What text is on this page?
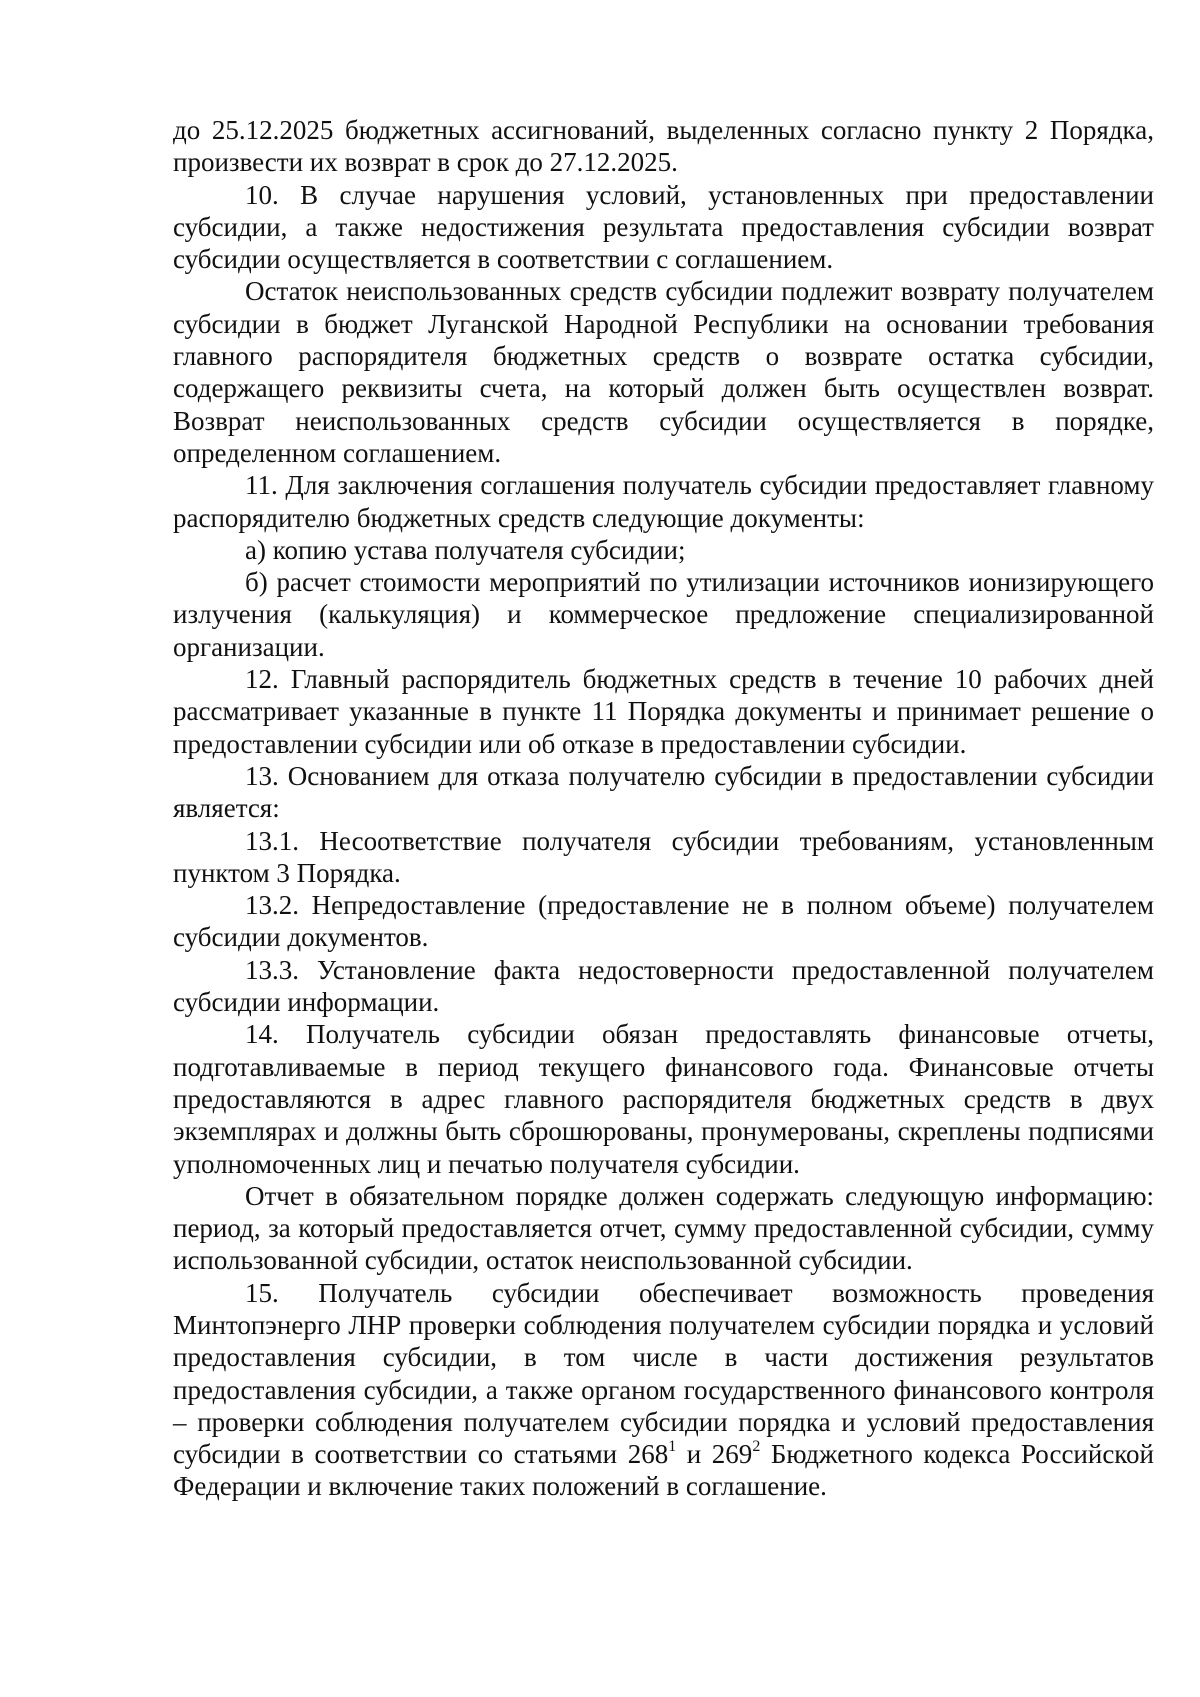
до 25.12.2025 бюджетных ассигнований, выделенных согласно пункту 2 Порядка, произвести их возврат в срок до 27.12.2025.

10. В случае нарушения условий, установленных при предоставлении субсидии, а также недостижения результата предоставления субсидии возврат субсидии осуществляется в соответствии с соглашением.

Остаток неиспользованных средств субсидии подлежит возврату получателем субсидии в бюджет Луганской Народной Республики на основании требования главного распорядителя бюджетных средств о возврате остатка субсидии, содержащего реквизиты счета, на который должен быть осуществлен возврат. Возврат неиспользованных средств субсидии осуществляется в порядке, определенном соглашением.

11. Для заключения соглашения получатель субсидии предоставляет главному распорядителю бюджетных средств следующие документы:

а) копию устава получателя субсидии;

б) расчет стоимости мероприятий по утилизации источников ионизирующего излучения (калькуляция) и коммерческое предложение специализированной организации.

12. Главный распорядитель бюджетных средств в течение 10 рабочих дней рассматривает указанные в пункте 11 Порядка документы и принимает решение о предоставлении субсидии или об отказе в предоставлении субсидии.

13. Основанием для отказа получателю субсидии в предоставлении субсидии является:

13.1. Несоответствие получателя субсидии требованиям, установленным пунктом 3 Порядка.

13.2. Непредоставление (предоставление не в полном объеме) получателем субсидии документов.

13.3. Установление факта недостоверности предоставленной получателем субсидии информации.

14. Получатель субсидии обязан предоставлять финансовые отчеты, подготавливаемые в период текущего финансового года. Финансовые отчеты предоставляются в адрес главного распорядителя бюджетных средств в двух экземплярах и должны быть сброшюрованы, пронумерованы, скреплены подписями уполномоченных лиц и печатью получателя субсидии.

Отчет в обязательном порядке должен содержать следующую информацию: период, за который предоставляется отчет, сумму предоставленной субсидии, сумму использованной субсидии, остаток неиспользованной субсидии.

15. Получатель субсидии обеспечивает возможность проведения Минтопэнерго ЛНР проверки соблюдения получателем субсидии порядка и условий предоставления субсидии, в том числе в части достижения результатов предоставления субсидии, а также органом государственного финансового контроля – проверки соблюдения получателем субсидии порядка и условий предоставления субсидии в соответствии со статьями $268^1$ и $269^2$ Бюджетного кодекса Российской Федерации и включение таких положений в соглашение.
